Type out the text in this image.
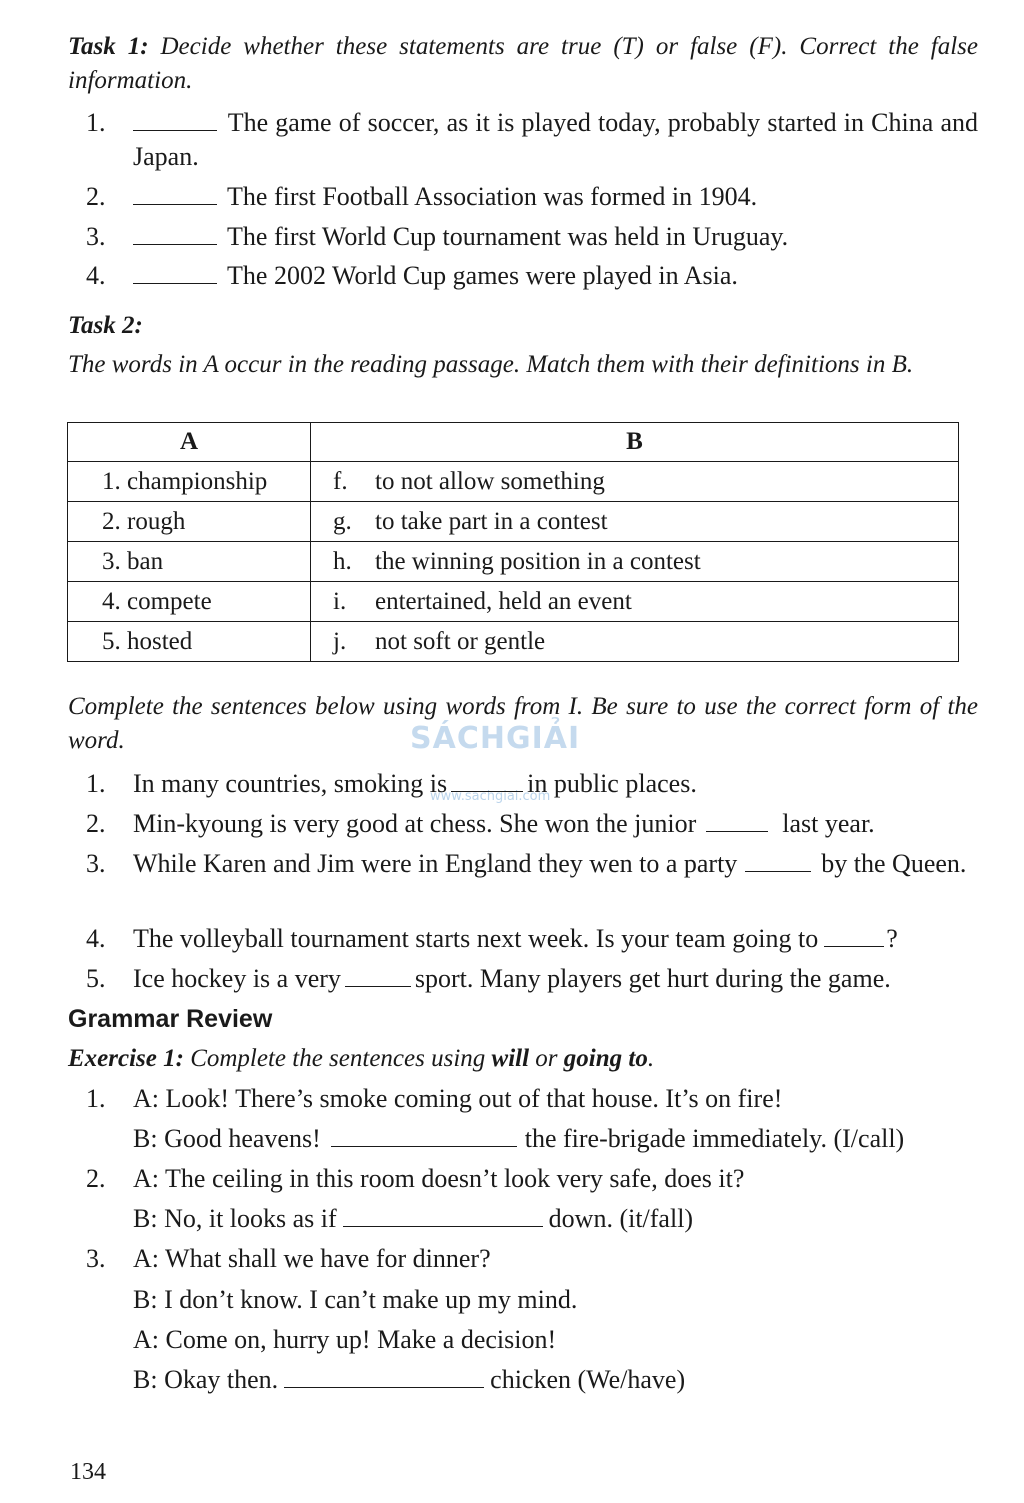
Task 1: Decide whether these statements are true (T) or false (F). Correct the false information.
1.	The game of soccer, as it is played today, probably started in China and Japan.
2.	The first Football Association was formed in 1904.
3.	The first World Cup tournament was held in Uruguay.
4.	The 2002 World Cup games were played in Asia.
Task 2:
The words in A occur in the reading passage. Match them with their definitions in B.
A	B
1. championship	f. to not allow something
2. rough	g. to take part in a contest
3. ban	h. the winning position in a contest
4. compete	i. entertained, held an event
5. hosted	j. not soft or gentle
Complete the sentences below using words from I. Be sure to use the correct form of the word.	SÁCHGIẢI
www.sachgiai.com
1.	In many countries, smoking is	in public places.
2.	Min-kyoung is very good at chess. She won the junior	last year.
3.	While Karen and Jim were in England they wen to a party	by the Queen.
4.	The volleyball tournament starts next week. Is your team going to	?
5.	Ice hockey is a very	sport. Many players get hurt during the game.
Grammar Review
Exercise 1: Complete the sentences using will or going to.
1.	A: Look! There’s smoke coming out of that house. It’s on fire!
B: Good heavens!	the fire-brigade immediately. (I/call)
2.	A: The ceiling in this room doesn’t look very safe, does it?
B: No, it looks as if	down. (it/fall)
3.	A: What shall we have for dinner?
B: I don’t know. I can’t make up my mind.
A: Come on, hurry up! Make a decision!
B: Okay then.	chicken (We/have)
134
